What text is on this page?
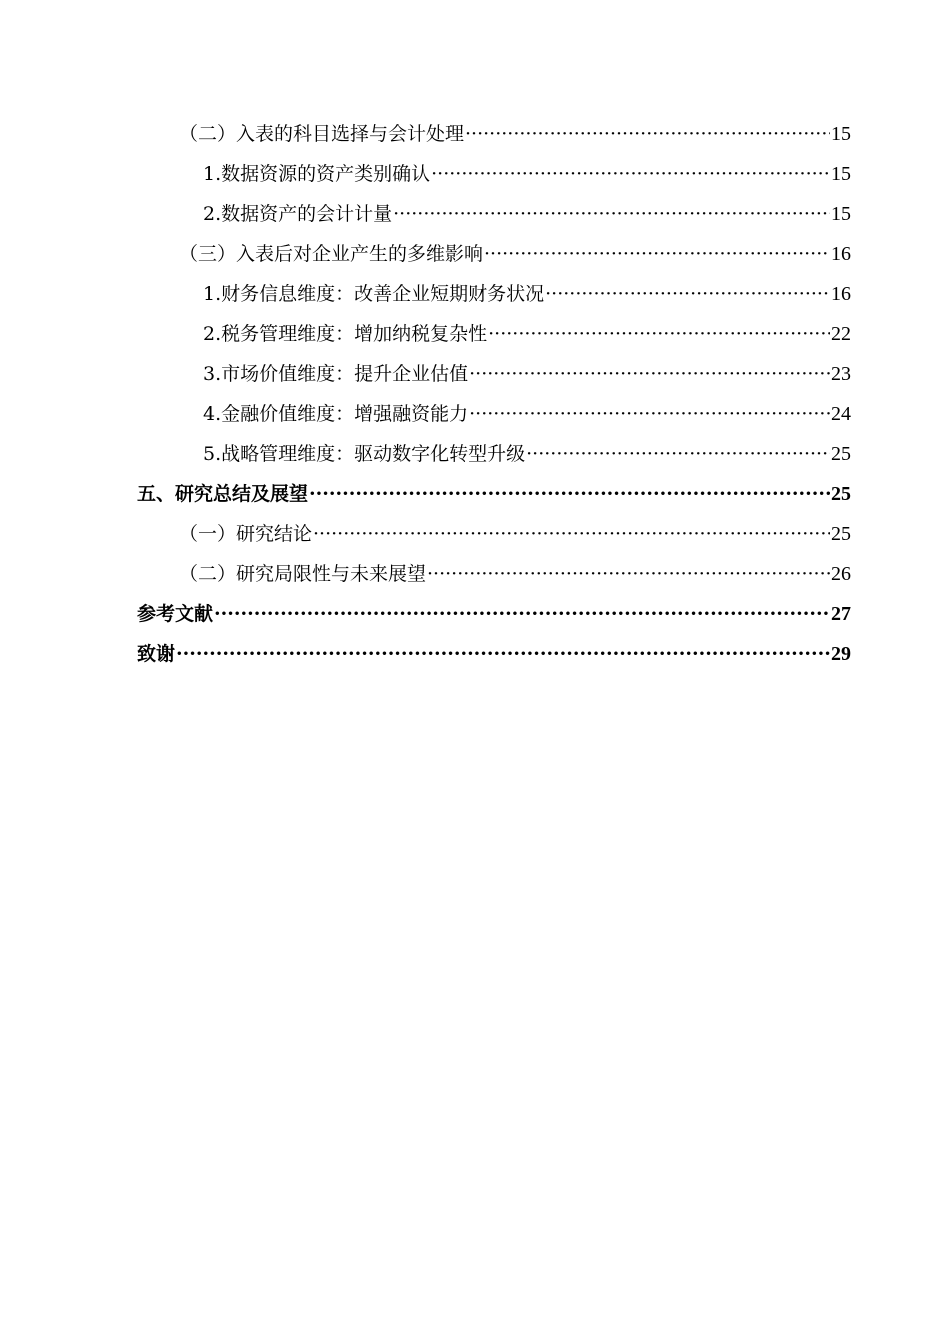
（二）入表的科目选择与会计处理 ·····	15
1.数据资源的资产类别确认 ·····	15
2.数据资产的会计计量 ·····	15
（三）入表后对企业产生的多维影响 ·····	16
1.财务信息维度：改善企业短期财务状况 ·····	16
2.税务管理维度：增加纳税复杂性 ·····	22
3.市场价值维度：提升企业估值 ·····	23
4.金融价值维度：增强融资能力 ·····	24
5.战略管理维度：驱动数字化转型升级 ·····	25
五、研究总结及展望 ·····	25
（一）研究结论 ·····	25
（二）研究局限性与未来展望 ·····	26
参考文献 ·····	27
致谢 ·····	29
